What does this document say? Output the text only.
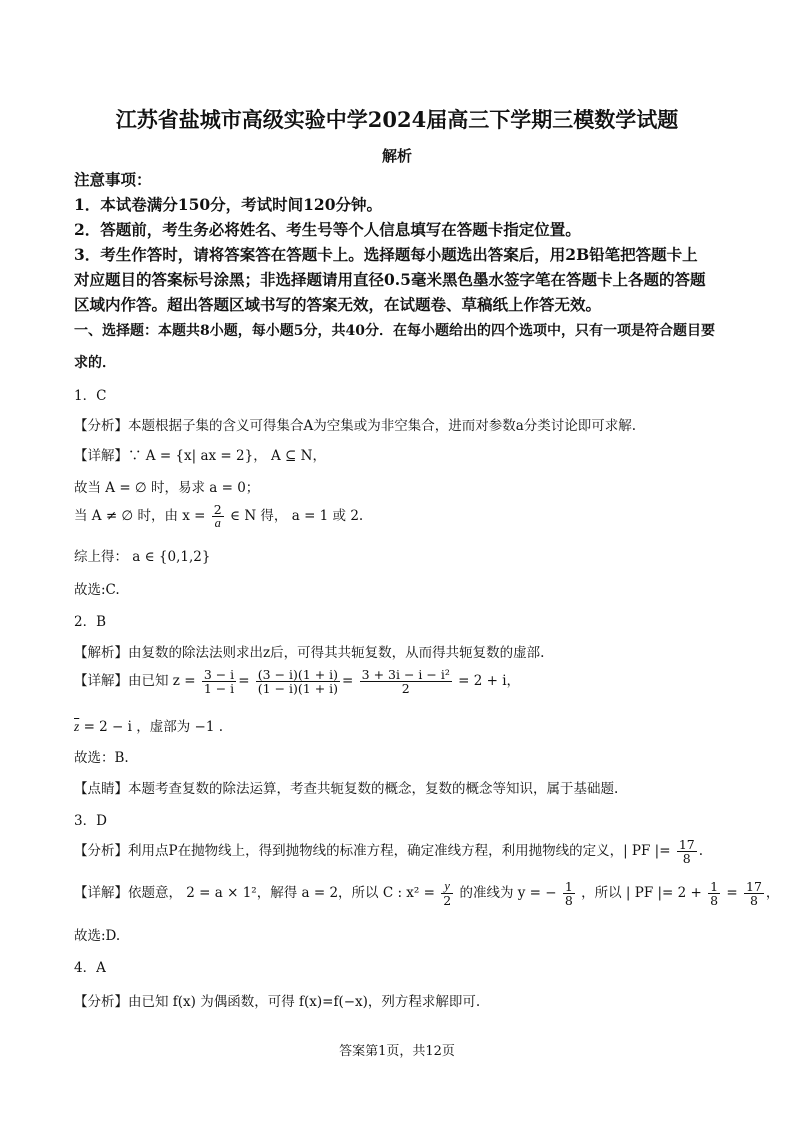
江苏省盐城市高级实验中学2024届高三下学期三模数学试题
解析
注意事项：
1．本试卷满分150分，考试时间120分钟。
2．答题前，考生务必将姓名、考生号等个人信息填写在答题卡指定位置。
3．考生作答时，请将答案答在答题卡上。选择题每小题选出答案后，用2B铅笔把答题卡上
对应题目的答案标号涂黑；非选择题请用直径0.5毫米黑色墨水签字笔在答题卡上各题的答题
区域内作答。超出答题区域书写的答案无效，在试题卷、草稿纸上作答无效。
一、选择题：本题共8小题，每小题5分，共40分．在每小题给出的四个选项中，只有一项是符合题目要
求的．
1．C
【分析】本题根据子集的含义可得集合A为空集或为非空集合，进而对参数a分类讨论即可求解.
【详解】∵ A = {x| ax = 2}， A ⊆ N，
故当 A = ∅ 时，易求 a = 0；
当 A ≠ ∅ 时，由 $x = \frac{2}{a}$ ∈ N 得， a = 1 或 2.
综上得： a ∈ {0,1,2}
故选:C.
2．B
【解析】由复数的除法法则求出z后，可得其共轭复数，从而得共轭复数的虚部.
【详解】由已知 $z = \frac{3 - i}{1 - i} = \frac{(3 - i)(1 + i)}{(1 - i)(1 + i)} = \frac{\text{3 + 3i − i − i²}}{2} = 2 + i$，
$\overline{z} = 2 - i$ ，虚部为 −1 .
故选：B.
【点睛】本题考查复数的除法运算，考查共轭复数的概念，复数的概念等知识，属于基础题.
3．D
【分析】利用点P在抛物线上，得到抛物线的标准方程，确定准线方程，利用抛物线的定义，| PF |= $\frac{17}{8}$ .
【详解】依题意， 2 = a × 1²，解得 a = 2，所以 C : $x^2 = \frac{y}{2}$ 的准线为 y = − $\frac{1}{8}$ ，所以 | PF |= $2 + \frac{1}{8} = \frac{17}{8}$ ，
故选:D.
4．A
【分析】由已知 f(x) 为偶函数，可得 f(x)=f(−x)，列方程求解即可.
答案第1页，共12页
